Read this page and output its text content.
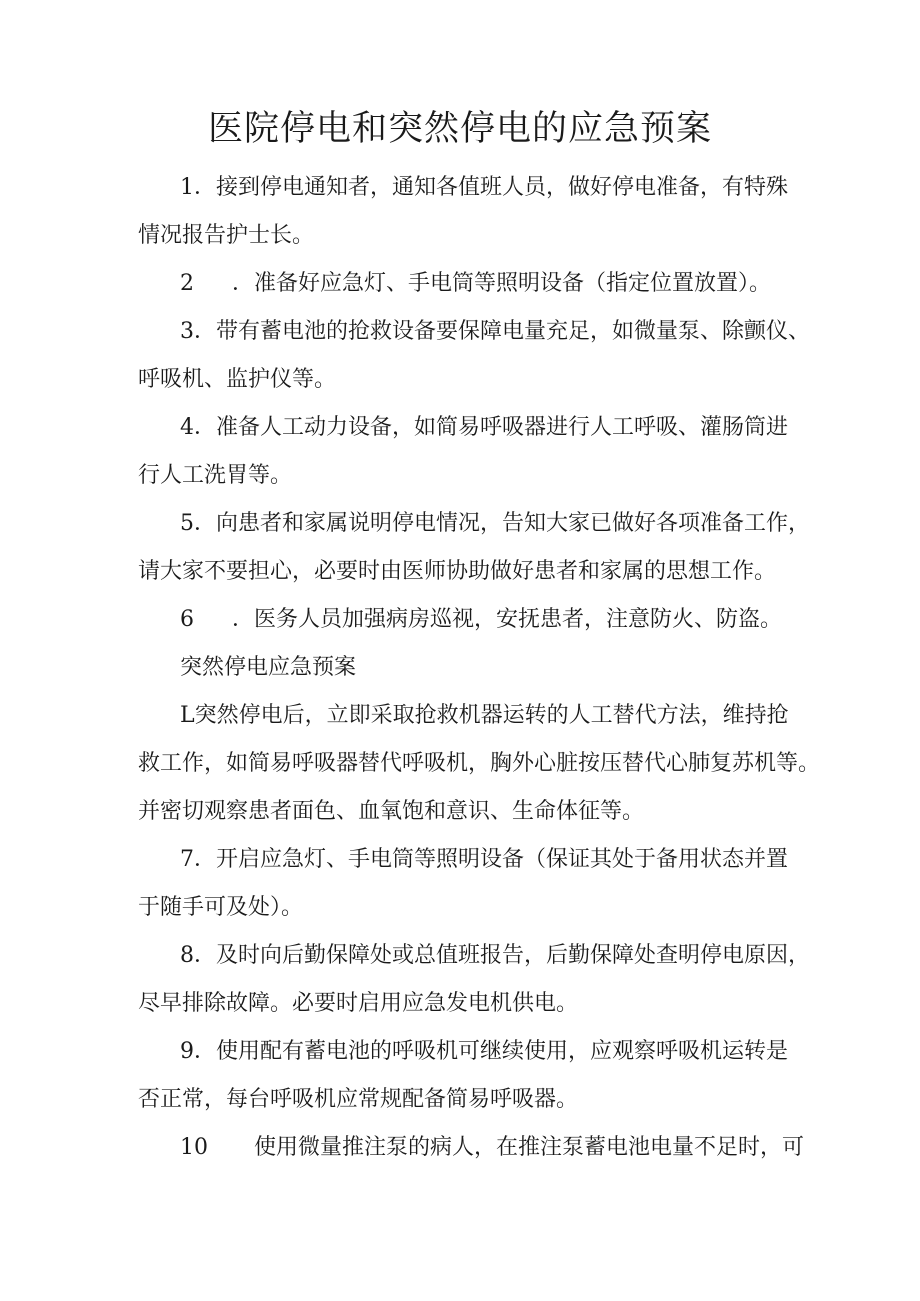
医院停电和突然停电的应急预案

1．接到停电通知者，通知各值班人员，做好停电准备，有特殊

情况报告护士长。

2 ．准备好应急灯、手电筒等照明设备（指定位置放置）。

3．带有蓄电池的抢救设备要保障电量充足，如微量泵、除颤仪、

呼吸机、监护仪等。

4．准备人工动力设备，如简易呼吸器进行人工呼吸、灌肠筒进

行人工洗胃等。

5．向患者和家属说明停电情况，告知大家已做好各项准备工作，

请大家不要担心，必要时由医师协助做好患者和家属的思想工作。

6 ．医务人员加强病房巡视，安抚患者，注意防火、防盗。

突然停电应急预案

L突然停电后，立即采取抢救机器运转的人工替代方法，维持抢

救工作，如简易呼吸器替代呼吸机，胸外心脏按压替代心肺复苏机等。

并密切观察患者面色、血氧饱和意识、生命体征等。

7．开启应急灯、手电筒等照明设备（保证其处于备用状态并置

于随手可及处）。

8．及时向后勤保障处或总值班报告，后勤保障处查明停电原因，

尽早排除故障。必要时启用应急发电机供电。

9．使用配有蓄电池的呼吸机可继续使用，应观察呼吸机运转是

否正常，每台呼吸机应常规配备简易呼吸器。

10 使用微量推注泵的病人，在推注泵蓄电池电量不足时，可
